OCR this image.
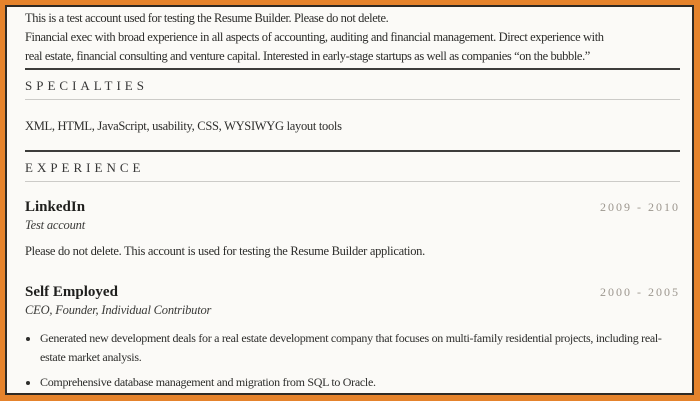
This is a test account used for testing the Resume Builder. Please do not delete.
Financial exec with broad experience in all aspects of accounting, auditing and financial management. Direct experience with
real estate, financial consulting and venture capital. Interested in early-stage startups as well as companies “on the bubble.”
SPECIALTIES

XML, HTML, JavaScript, usability, CSS, WYSIWYG layout tools

EXPERIENCE
LinkedIn	2009 - 2010
Test account

Please do not delete. This account is used for testing the Resume Builder application.

Self Employed	2000 - 2005
CEO, Founder, Individual Contributor
• Generated new development deals for a real estate development company that focuses on multi-family residential projects, including real-estate market analysis.
• Comprehensive database management and migration from SQL to Oracle.
